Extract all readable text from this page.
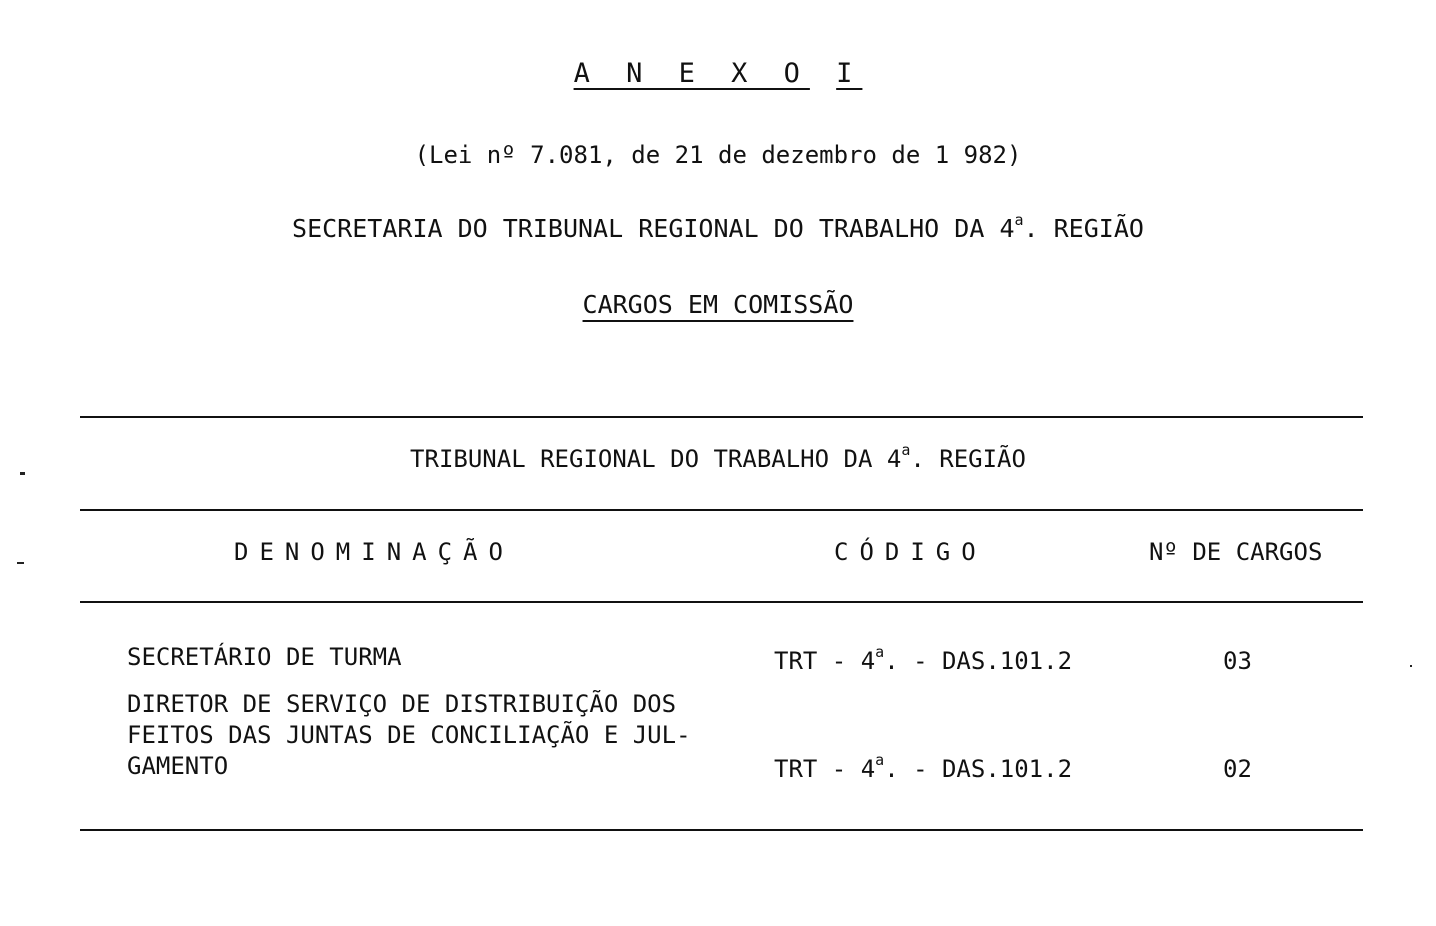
A N E X O I
(Lei nº 7.081, de 21 de dezembro de 1 982)
SECRETARIA DO TRIBUNAL REGIONAL DO TRABALHO DA 4$^a$. REGIÃO
CARGOS EM COMISSÃO
TRIBUNAL REGIONAL DO TRABALHO DA 4$^a$. REGIÃO
DENOMINAÇÃO	CÓDIGO	Nº DE CARGOS
SECRETÁRIO DE TURMA	TRT - 4$^a$. - DAS.101.2	03
DIRETOR DE SERVIÇO DE DISTRIBUIÇÃO DOS
FEITOS DAS JUNTAS DE CONCILIAÇÃO E JUL-
GAMENTO	TRT - 4$^a$. - DAS.101.2	02
